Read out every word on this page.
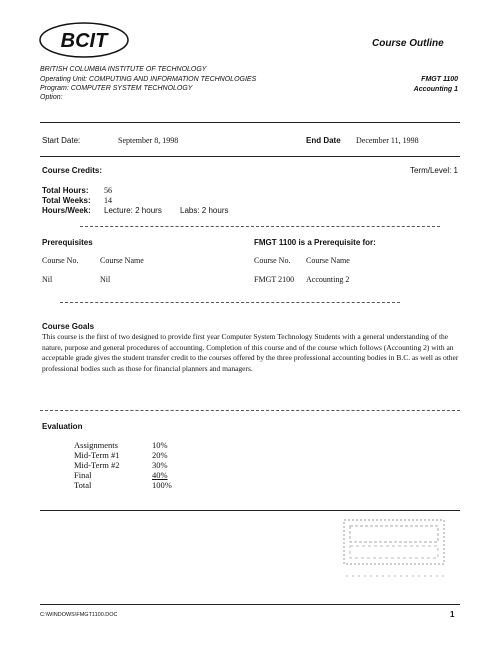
BCIT	Course Outline
BRITISH COLUMBIA INSTITUTE OF TECHNOLOGY
Operating Unit: COMPUTING AND INFORMATION TECHNOLOGIES
Program: COMPUTER SYSTEM TECHNOLOGY
Option:
FMGT 1100
Accounting 1
Start Date:	September 8, 1998	End Date December 11, 1998
Course Credits:	Term/Level: 1
Total Hours: 56
Total Weeks: 14
Hours/Week: Lecture: 2 hours Labs: 2 hours
Prerequisites
Course No.	Course Name
Nil	Nil
FMGT 1100 is a Prerequisite for:
Course No. Course Name
FMGT 2100 Accounting 2
Course Goals
This course is the first of two designed to provide first year Computer System Technology Students with a general understanding of the nature, purpose and general procedures of accounting. Completion of this course and of the course which follows (Accounting 2) with an acceptable grade gives the student transfer credit to the courses offered by the three professional accounting bodies in B.C. as well as other professional bodies such as those for financial planners and managers.
Evaluation
Assignments	10%
Mid-Term #1	20%
Mid-Term #2	30%
Final	40%
Total	100%
C:\WINDOWS\FMGT1100.DOC	1
